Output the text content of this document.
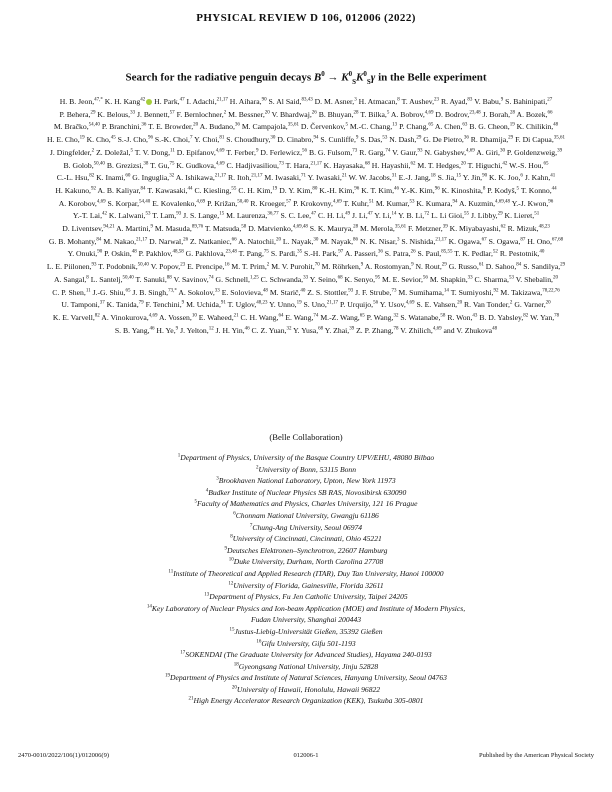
PHYSICAL REVIEW D 106, 012006 (2022)
Search for the radiative penguin decays $B^0 \to K^0_SK^0_S\gamma$ in the Belle experiment
H. B. Jeon,$^{47,*}$ K. H. Kang$^{42}$ H. Park,$^{47}$ I. Adachi,$^{21,17}$ H. Aihara,$^{90}$ S. Al Said,$^{83,43}$ D. M. Asner,$^3$ H. Atmacan,$^8$ T. Aushev,$^{23}$ R. Ayad,$^{83}$ V. Babu,$^9$ S. Bahinipati,$^{27}$ P. Behera,$^{29}$ K. Belous,$^{33}$ J. Bennett,$^{57}$ F. Bernlochner,$^2$ M. Bessner,$^{20}$ V. Bhardwaj,$^{26}$ B. Bhuyan,$^{28}$ T. Bilka,$^5$ A. Bobrov,$^{4,69}$ D. Bodrov,$^{23,48}$ J. Borah,$^{28}$ A. Bozek,$^{66}$ M. Bračko,$^{54,40}$ P. Branchini,$^{36}$ T. E. Browder,$^{20}$ A. Budano,$^{36}$ M. Campajola,$^{35,61}$ D. Červenkov,$^5$ M.-C. Chang,$^{13}$ P. Chang,$^{65}$ A. Chen,$^{63}$ B. G. Cheon,$^{19}$ K. Chilikin,$^{48}$ H. E. Cho,$^{19}$ K. Cho,$^{45}$ S.-J. Cho,$^{96}$ S.-K. Choi,$^7$ Y. Choi,$^{81}$ S. Choudhury,$^{30}$ D. Cinabro,$^{94}$ S. Cunliffe,$^9$ S. Das,$^{53}$ N. Dash,$^{29}$ G. De Pietro,$^{36}$ R. Dhamija,$^{29}$ F. Di Capua,$^{35,61}$ J. Dingfelder,$^2$ Z. Doležal,$^5$ T. V. Dong,$^{11}$ D. Epifanov,$^{4,69}$ T. Ferber,$^9$ D. Ferlewicz,$^{56}$ B. G. Fulsom,$^{73}$ R. Garg,$^{74}$ V. Gaur,$^{93}$ N. Gabyshev,$^{4,69}$ A. Giri,$^{30}$ P. Goldenzweig,$^{39}$ B. Golob,$^{50,40}$ B. Grezizsi,$^{38}$ T. Gu,$^{75}$ K. Gudkova,$^{4,69}$ C. Hadjivasiliou,$^{73}$ T. Hara,$^{21,17}$ K. Hayasaka,$^{68}$ H. Hayashii,$^{62}$ M. T. Hedges,$^{20}$ T. Higuchi,$^{42}$ W.-S. Hou,$^{65}$ C.-L. Hsu,$^{82}$ K. Inami,$^{60}$ G. Inguglia,$^{32}$ A. Ishikawa,$^{21,17}$ R. Itoh,$^{21,17}$ M. Iwasaki,$^{71}$ Y. Iwasaki,$^{21}$ W. W. Jacobs,$^{31}$ E.-J. Jang,$^{18}$ S. Jia,$^{15}$ Y. Jin,$^{90}$ K. K. Joo,$^6$ J. Kahn,$^{41}$ H. Kakuno,$^{92}$ A. B. Kaliyar,$^{84}$ T. Kawasaki,$^{44}$ C. Kiesling,$^{55}$ C. H. Kim,$^{19}$ D. Y. Kim,$^{80}$ K.-H. Kim,$^{96}$ K. T. Kim,$^{46}$ Y.-K. Kim,$^{96}$ K. Kinoshita,$^8$ P. Kodyš,$^5$ T. Konno,$^{44}$ A. Korobov,$^{4,69}$ S. Korpar,$^{54,40}$ E. Kovalenko,$^{4,69}$ P. Križan,$^{50,40}$ R. Kroeger,$^{57}$ P. Krokovny,$^{4,69}$ T. Kuhr,$^{51}$ M. Kumar,$^{53}$ K. Kumara,$^{94}$ A. Kuzmin,$^{4,69,48}$ Y.-J. Kwon,$^{96}$ Y.-T. Lai,$^{42}$ K. Lalwani,$^{53}$ T. Lam,$^{93}$ J. S. Lange,$^{15}$ M. Laurenza,$^{36,77}$ S. C. Lee,$^{47}$ C. H. Li,$^{49}$ J. Li,$^{47}$ Y. Li,$^{14}$ Y. B. Li,$^{72}$ L. Li Gioi,$^{55}$ J. Libby,$^{29}$ K. Lieret,$^{51}$ D. Liventsev,$^{94,21}$ A. Martini,$^9$ M. Masuda,$^{89,76}$ T. Matsuda,$^{58}$ D. Matvienko,$^{4,69,48}$ S. K. Maurya,$^{28}$ M. Merola,$^{35,61}$ F. Metzner,$^{39}$ K. Miyabayashi,$^{62}$ R. Mizuk,$^{48,23}$ G. B. Mohanty,$^{84}$ M. Nakao,$^{21,17}$ D. Narwal,$^{26}$ Z. Natkaniec,$^{66}$ A. Natochii,$^{20}$ L. Nayak,$^{30}$ M. Nayak,$^{86}$ N. K. Nisar,$^3$ S. Nishida,$^{21,17}$ K. Ogawa,$^{67}$ S. Ogawa,$^{87}$ H. Ono,$^{67,68}$ Y. Onuki,$^{90}$ P. Oskin,$^{48}$ P. Pakhlov,$^{48,58}$ G. Pakhlova,$^{23,48}$ T. Pang,$^{75}$ S. Pardi,$^{35}$ S.-H. Park,$^{97}$ A. Passeri,$^{36}$ S. Patra,$^{26}$ S. Paul,$^{85,55}$ T. K. Pedlar,$^{52}$ R. Pestotnik,$^{40}$ L. E. Piilonen,$^{93}$ T. Podobnik,$^{50,40}$ V. Popov,$^{23}$ E. Prencipe,$^{16}$ M. T. Prim,$^2$ M. V. Purohit,$^{70}$ M. Röhrken,$^9$ A. Rostomyan,$^9$ N. Rout,$^{29}$ G. Russo,$^{61}$ D. Sahoo,$^{84}$ S. Sandilya,$^{29}$ A. Sangal,$^8$ L. Santelj,$^{50,40}$ T. Sanuki,$^{88}$ V. Savinov,$^{74}$ G. Schnell,$^{1,25}$ C. Schwanda,$^{33}$ Y. Seino,$^{68}$ K. Senyo,$^{95}$ M. E. Sevior,$^{56}$ M. Shapkin,$^{33}$ C. Sharma,$^{53}$ V. Shebalin,$^{20}$ C. P. Shen,$^{11}$ J.-G. Shiu,$^{65}$ J. B. Singh,$^{73,*}$ A. Sokolov,$^{33}$ E. Solovieva,$^{48}$ M. Starič,$^{40}$ Z. S. Stottler,$^{93}$ J. F. Strube,$^{73}$ M. Sumihama,$^{14}$ T. Sumiyoshi,$^{92}$ M. Takizawa,$^{78,22,76}$ U. Tamponi,$^{37}$ K. Tanida,$^{79}$ F. Tenchini,$^9$ M. Uchida,$^{91}$ T. Uglov,$^{48,23}$ Y. Unno,$^{19}$ S. Uno,$^{21,17}$ P. Urquijo,$^{56}$ Y. Usov,$^{4,69}$ S. E. Vahsen,$^{20}$ R. Van Tonder,$^2$ G. Varner,$^{20}$ K. E. Varvell,$^{82}$ A. Vinokurova,$^{4,69}$ A. Vossen,$^{10}$ E. Waheed,$^{21}$ C. H. Wang,$^{64}$ E. Wang,$^{74}$ M.-Z. Wang,$^{65}$ P. Wang,$^{32}$ S. Watanabe,$^{58}$ R. Won,$^{43}$ B. D. Yabsley,$^{82}$ W. Yan,$^{78}$ S. B. Yang,$^{46}$ H. Ye,$^9$ J. Yelton,$^{12}$ J. H. Yin,$^{46}$ C. Z. Yuan,$^{32}$ Y. Yusa,$^{68}$ Y. Zhai,$^{39}$ Z. P. Zhang,$^{78}$ V. Zhilich,$^{4,69}$ and V. Zhukova$^{48}$
(Belle Collaboration)
$^1$Department of Physics, University of the Basque Country UPV/EHU, 48080 Bilbao
$^2$University of Bonn, 53115 Bonn
$^3$Brookhaven National Laboratory, Upton, New York 11973
$^4$Budker Institute of Nuclear Physics SB RAS, Novosibirsk 630090
$^5$Faculty of Mathematics and Physics, Charles University, 121 16 Prague
$^6$Chonnam National University, Gwangju 61186
$^7$Chung-Ang University, Seoul 06974
$^8$University of Cincinnati, Cincinnati, Ohio 45221
$^9$Deutsches Elektronen–Synchrotron, 22607 Hamburg
$^{10}$Duke University, Durham, North Carolina 27708
$^{11}$Institute of Theoretical and Applied Research (ITAR), Duy Tan University, Hanoi 100000
$^{12}$University of Florida, Gainesville, Florida 32611
$^{13}$Department of Physics, Fu Jen Catholic University, Taipei 24205
$^{14}$Key Laboratory of Nuclear Physics and Ion-beam Application (MOE) and Institute of Modern Physics,
Fudan University, Shanghai 200443
$^{15}$Justus-Liebig-Universität Gießen, 35392 Gießen
$^{16}$Gifu University, Gifu 501-1193
$^{17}$SOKENDAI (The Graduate University for Advanced Studies), Hayama 240-0193
$^{18}$Gyeongsang National University, Jinju 52828
$^{19}$Department of Physics and Institute of Natural Sciences, Hanyang University, Seoul 04763
$^{20}$University of Hawaii, Honolulu, Hawaii 96822
$^{21}$High Energy Accelerator Research Organization (KEK), Tsukuba 305-0801
2470-0010/2022/106(1)/012006(9)	012006-1	Published by the American Physical Society
